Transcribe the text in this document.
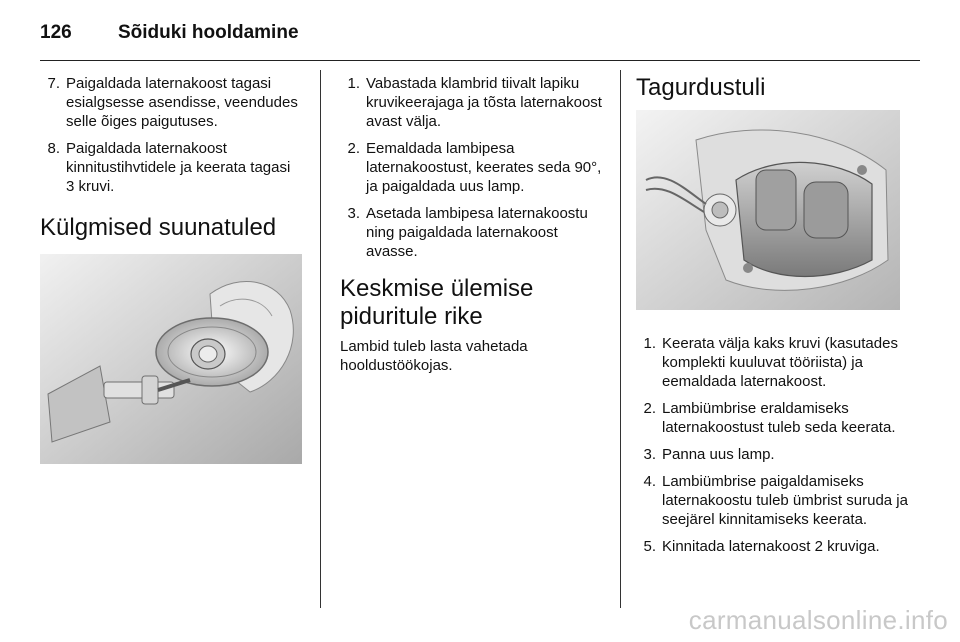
126 Sõiduki hooldamine
7. Paigaldada laternakoost tagasi esialgsesse asendisse, veendudes selle õiges paigutuses.
8. Paigaldada laternakoost kinnitustihvtidele ja keerata tagasi 3 kruvi.
Külgmised suunatuled
1. Vabastada klambrid tiivalt lapiku kruvikeerajaga ja tõsta laternakoost avast välja.
2. Eemaldada lambipesa laternakoostust, keerates seda 90°, ja paigaldada uus lamp.
3. Asetada lambipesa laternakoostu ning paigaldada laternakoost avasse.
Keskmise ülemise
piduritule rike

Lambid tuleb lasta vahetada hooldustöökojas.

Tagurdustuli
1. Keerata välja kaks kruvi (kasutades komplekti kuuluvat tööriista) ja eemaldada laternakoost.
2. Lambiümbrise eraldamiseks laternakoostust tuleb seda keerata.
3. Panna uus lamp.
4. Lambiümbrise paigaldamiseks laternakoostu tuleb ümbrist suruda ja seejärel kinnitamiseks keerata.
5. Kinnitada laternakoost 2 kruviga.
carmanualsonline.info
